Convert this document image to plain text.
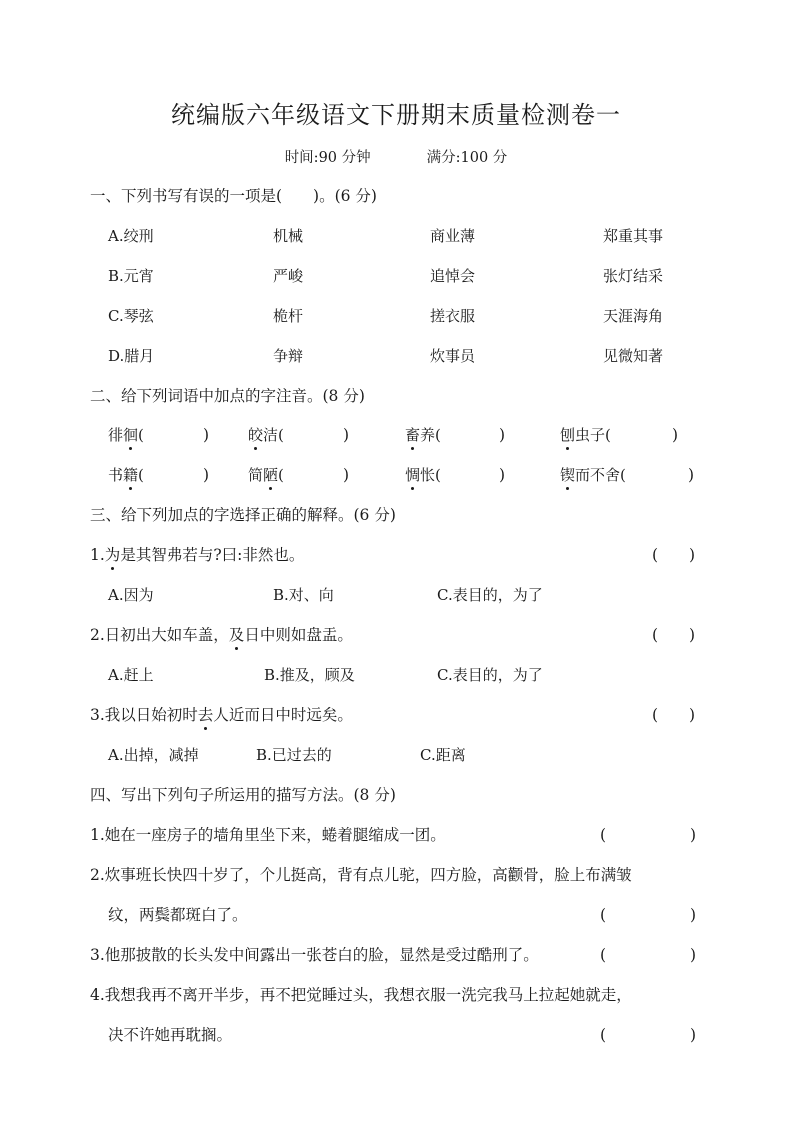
统编版六年级语文下册期末质量检测卷一
时间:90 分钟	满分:100 分
一、下列书写有误的一项是(　　)。(6 分)
A.绞刑	机械	商业薄	郑重其事
B.元宵	严峻	追悼会	张灯结采
C.琴弦	桅杆	搓衣服	天涯海角
D.腊月	争辩	炊事员	见微知著
二、给下列词语中加点的字注音。(8 分)
徘徊(	)	皎洁(	)	畜养(	)	刨虫子(	)
书籍(	)	简陋(	)	惆怅(	)	锲而不舍(	)
三、给下列加点的字选择正确的解释。(6 分)
1.为是其智弗若与?曰:非然也。	(　　)
A.因为	B.对、向	C.表目的，为了
2.日初出大如车盖，及日中则如盘盂。	(　　)
A.赶上	B.推及，顾及	C.表目的，为了
3.我以日始初时去人近而日中时远矣。	(　　)
A.出掉，减掉	B.已过去的	C.距离
四、写出下列句子所运用的描写方法。(8 分)
1.她在一座房子的墙角里坐下来，蜷着腿缩成一团。	(	)
2.炊事班长快四十岁了，个儿挺高，背有点儿驼，四方脸，高颧骨，脸上布满皱
纹，两鬓都斑白了。	(	)
3.他那披散的长头发中间露出一张苍白的脸，显然是受过酷刑了。	(	)
4.我想我再不离开半步，再不把觉睡过头，我想衣服一洗完我马上拉起她就走，
决不许她再耽搁。	(	)
